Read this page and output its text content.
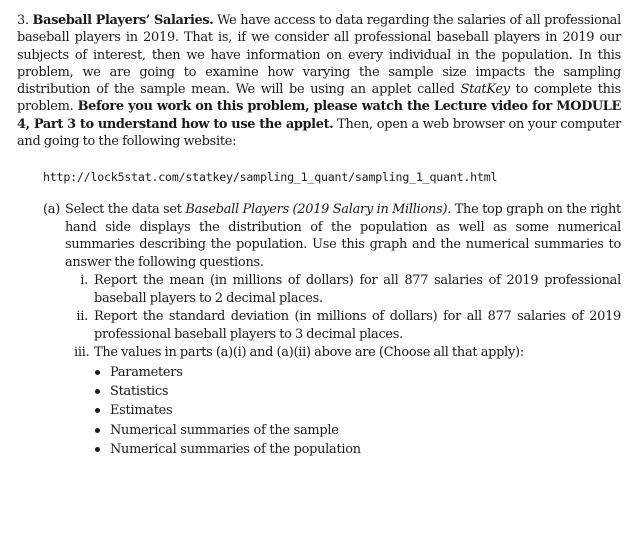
3. Baseball Players’ Salaries. We have access to data regarding the salaries of all professional baseball players in 2019. That is, if we consider all professional baseball players in 2019 our subjects of interest, then we have information on every individual in the population. In this problem, we are going to examine how varying the sample size impacts the sampling distribution of the sample mean. We will be using an applet called StatKey to complete this problem. Before you work on this problem, please watch the Lecture video for MODULE 4, Part 3 to understand how to use the applet. Then, open a web browser on your computer and going to the following website:
http://lock5stat.com/statkey/sampling_1_quant/sampling_1_quant.html
(a) Select the data set Baseball Players (2019 Salary in Millions). The top graph on the right hand side displays the distribution of the population as well as some numerical summaries describing the population. Use this graph and the numerical summaries to answer the following questions.
i. Report the mean (in millions of dollars) for all 877 salaries of 2019 professional baseball players to 2 decimal places.
ii. Report the standard deviation (in millions of dollars) for all 877 salaries of 2019 professional baseball players to 3 decimal places.
iii. The values in parts (a)(i) and (a)(ii) above are (Choose all that apply):
Parameters
Statistics
Estimates
Numerical summaries of the sample
Numerical summaries of the population
